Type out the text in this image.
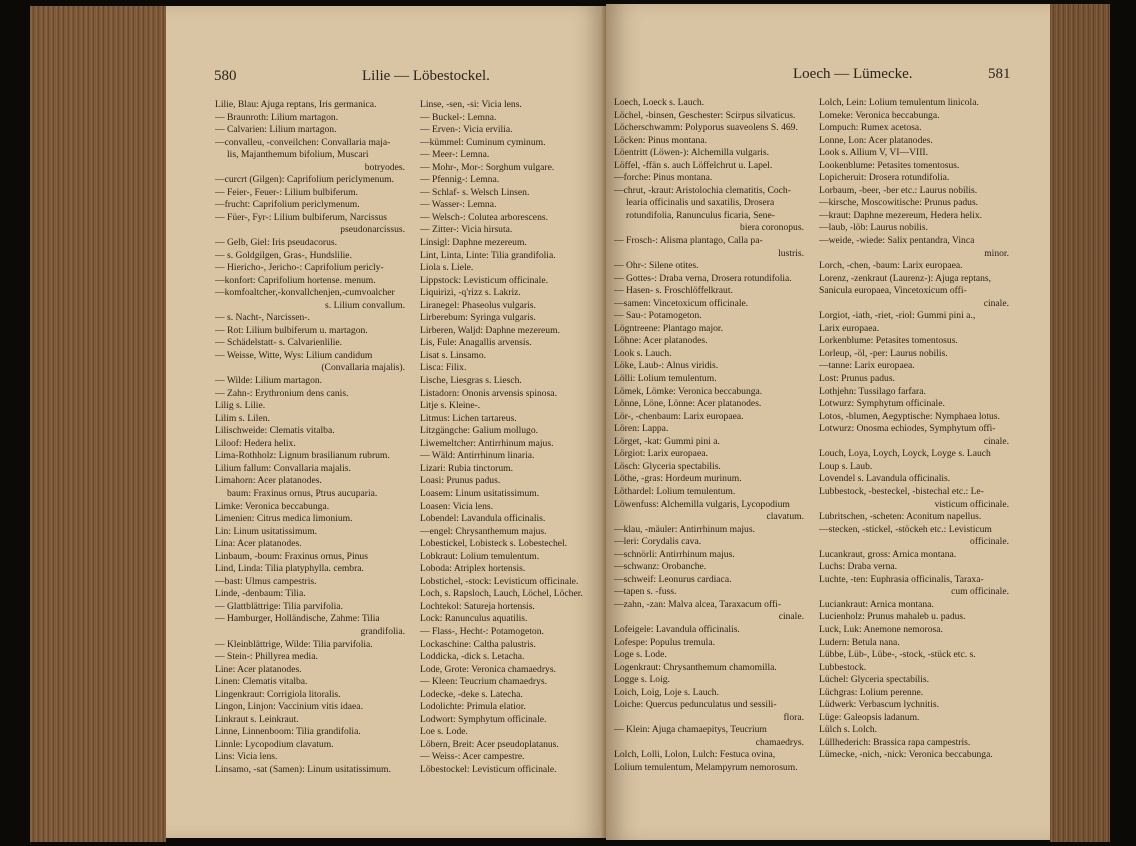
580	Lilie — Löbestockel.
Lilie, Blau: Ajuga reptans, Iris germanica.
— Braunroth: Lilium martagon.
— Calvarien: Lilium martagon.
—convalleu, -conveilchen: Convallaria maja-
lis, Majanthemum bifolium, Muscari
botryodes.
—curcrt (Gilgen): Caprifolium periclymenum.
— Feier-, Feuer-: Lilium bulbiferum.
—frucht: Caprifolium periclymenum.
— Füer-, Fyr-: Lilium bulbiferum, Narcissus
pseudonarcissus.
— Gelb, Giel: Iris pseudacorus.
— s. Goldgilgen, Gras-, Hundslilie.
— Hiericho-, Jericho-: Caprifolium pericly-
—konfort: Caprifolium hortense. menum.
—komfoaltcher,-konvallchenjen,-cumvoalcher
s. Lilium convallum.
— s. Nacht-, Narcissen-.
— Rot: Lilium bulbiferum u. martagon.
— Schädelstatt- s. Calvarienlilie.
— Weisse, Witte, Wys: Lilium candidum
(Convallaria majalis).
— Wilde: Lilium martagon.
— Zahn-: Erythronium dens canis.
Lilig s. Lilie.
Lilim s. Lilen.
Lilischweide: Clematis vitalba.
Liloof: Hedera helix.
Lima-Rothholz: Lignum brasilianum rubrum.
Lilium fallum: Convallaria majalis.
Limahorn: Acer platanodes.
baum: Fraxinus ornus, Ptrus aucuparia.
Limke: Veronica beccabunga.
Limenien: Citrus medica limonium.
Lin: Linum usitatissimum.
Lina: Acer platanodes.
Linbaum, -boum: Fraxinus ornus, Pinus
Lind, Linda: Tilia platyphylla. cembra.
—bast: Ulmus campestris.
Linde, -denbaum: Tilia.
— Glattblättrige: Tilia parvifolia.
— Hamburger, Holländische, Zahme: Tilia
grandifolia.
— Kleinblättrige, Wilde: Tilia parvifolia.
— Stein-: Phillyrea media.
Line: Acer platanodes.
Linen: Clematis vitalba.
Lingenkraut: Corrigiola litoralis.
Lingon, Linjon: Vaccinium vitis idaea.
Linkraut s. Leinkraut.
Linne, Linnenboom: Tilia grandifolia.
Linnle: Lycopodium clavatum.
Lins: Vicia lens.
Linsamo, -sat (Samen): Linum usitatissimum.
Linse, -sen, -si: Vicia lens.
— Buckel-: Lemna.
— Erven-: Vicia ervilia.
—kümmel: Cuminum cyminum.
— Meer-: Lemna.
— Mohr-, Mor-: Sorghum vulgare.
— Pfennig-: Lemna.
— Schlaf- s. Welsch Linsen.
— Wasser-: Lemna.
— Welsch-: Colutea arborescens.
— Zitter-: Vicia hirsuta.
Linsigl: Daphne mezereum.
Lint, Linta, Linte: Tilia grandifolia.
Liola s. Liele.
Lippstock: Levisticum officinale.
Liquirizi, -q'rizz s. Lakriz.
Liranegel: Phaseolus vulgaris.
Lirberebum: Syringa vulgaris.
Lirberen, Waljd: Daphne mezereum.
Lis, Fule: Anagallis arvensis.
Lisat s. Linsamo.
Lisca: Filix.
Lische, Liesgras s. Liesch.
Listadorn: Ononis arvensis spinosa.
Litje s. Kleine-.
Litmus: Lichen tartareus.
Litzgängche: Galium mollugo.
Liwemeltcher: Antirrhinum majus.
— Wäld: Antirrhinum linaria.
Lizari: Rubia tinctorum.
Loasi: Prunus padus.
Loasem: Linum usitatissimum.
Loasen: Vicia lens.
Lobendel: Lavandula officinalis.
—engel: Chrysanthemum majus.
Lobestickel, Lobisteck s. Lobestechel.
Lobkraut: Lolium temulentum.
Loboda: Atriplex hortensis.
Lobstichel, -stock: Levisticum officinale.
Loch, s. Rapsloch, Lauch, Löchel, Löcher.
Lochtekol: Satureja hortensis.
Lock: Ranunculus aquatilis.
— Flass-, Hecht-: Potamogeton.
Lockaschine: Caltha palustris.
Loddicka, -dick s. Letacha.
Lode, Grote: Veronica chamaedrys.
— Kleen: Teucrium chamaedrys.
Lodecke, -deke s. Latecha.
Lodolichte: Primula elatior.
Lodwort: Symphytum officinale.
Loe s. Lode.
Löbern, Breit: Acer pseudoplatanus.
— Weiss-: Acer campestre.
Löbestockel: Levisticum officinale.
Loech — Lümecke.	581
Loech, Loeck s. Lauch.
Löchel, -binsen, Geschester: Scirpus silvaticus.
Löcherschwamm: Polyporus suaveolens S. 469.
Löcken: Pinus montana.
Löentritt (Löwen-): Alchemilla vulgaris.
Löffel, -ffän s. auch Löffelchrut u. Lapel.
—forche: Pinus montana.
—chrut, -kraut: Aristolochia clematitis, Coch-
learia officinalis und saxatilis, Drosera
rotundifolia, Ranunculus ficaria, Sene-
biera coronopus.
— Frosch-: Alisma plantago, Calla pa-
lustris.
— Ohr-: Silene otites.
— Gottes-: Draba verna, Drosera rotundifolia.
— Hasen- s. Froschlöffelkraut.
—samen: Vincetoxicum officinale.
— Sau-: Potamogeton.
Lögntreene: Plantago major.
Löhne: Acer platanodes.
Look s. Lauch.
Löke, Laub-: Alnus viridis.
Lölli: Lolium temulentum.
Lömek, Lömke: Veronica beccabunga.
Lönne, Löne, Lönne: Acer platanodes.
Lör-, -chenbaum: Larix europaea.
Lören: Lappa.
Lörget, -kat: Gummi pini a.
Lörgiot: Larix europaea.
Lösch: Glyceria spectabilis.
Löthe, -gras: Hordeum murinum.
Löthardel: Lolium temulentum.
Löwenfuss: Alchemilla vulgaris, Lycopodium
clavatum.
—klau, -mäuler: Antirrhinum majus.
—leri: Corydalis cava.
—schnörli: Antirrhinum majus.
—schwanz: Orobanche.
—schweif: Leonurus cardiaca.
—tapen s. -fuss.
—zahn, -zan: Malva alcea, Taraxacum offi-
cinale.
Lofeigele: Lavandula officinalis.
Lofespe: Populus tremula.
Loge s. Lode.
Logenkraut: Chrysanthemum chamomilla.
Logge s. Loig.
Loich, Loig, Loje s. Lauch.
Loiche: Quercus pedunculatus und sessili-
flora.
— Klein: Ajuga chamaepitys, Teucrium
chamaedrys.
Lolch, Lolli, Lolon, Lulch: Festuca ovina,
Lolium temulentum, Melampyrum nemorosum.
Lolch, Lein: Lolium temulentum linicola.
Lomeke: Veronica beccabunga.
Lompuch: Rumex acetosa.
Lonne, Lon: Acer platanodes.
Look s. Allium V, VI—VIII.
Lookenblume: Petasites tomentosus.
Lopicheruit: Drosera rotundifolia.
Lorbaum, -beer, -ber etc.: Laurus nobilis.
—kirsche, Moscowitische: Prunus padus.
—kraut: Daphne mezereum, Hedera helix.
—laub, -löb: Laurus nobilis.
—weide, -wiede: Salix pentandra, Vinca
minor.
Lorch, -chen, -baum: Larix europaea.
Lorenz, -zenkraut (Laurenz-): Ajuga reptans,
Sanicula europaea, Vincetoxicum offi-
cinale.
Lorgiot, -iath, -riet, -riol: Gummi pini a.,
Larix europaea.
Lorkenblume: Petasites tomentosus.
Lorleup, -öl, -per: Laurus nobilis.
—tanne: Larix europaea.
Lost: Prunus padus.
Lothjehn: Tussilago farfara.
Lotwurz: Symphytum officinale.
Lotos, -blumen, Aegyptische: Nymphaea lotus.
Lotwurz: Onosma echiodes, Symphytum offi-
cinale.
Louch, Loya, Loych, Loyck, Loyge s. Lauch
Loup s. Laub.
Lovendel s. Lavandula officinalis.
Lubbestock, -besteckel, -bistechal etc.: Le-
visticum officinale.
Lubritschen, -scheten: Aconitum napellus.
—stecken, -stickel, -stöckeh etc.: Levisticum
officinale.
Lucankraut, gross: Arnica montana.
Luchs: Draba verna.
Luchte, -ten: Euphrasia officinalis, Taraxa-
cum officinale.
Luciankraut: Arnica montana.
Lucienholz: Prunus mahaleb u. padus.
Luck, Luk: Anemone nemorosa.
Ludern: Betula nana.
Lübbe, Lüb-, Lübe-, -stock, -stück etc. s.
Lubbestock.
Lüchel: Glyceria spectabilis.
Lüchgras: Lolium perenne.
Lüdwerk: Verbascum lychnitis.
Lüge: Galeopsis ladanum.
Lülch s. Lolch.
Lüllhederich: Brassica rapa campestris.
Lümecke, -nich, -nick: Veronica beccabunga.
